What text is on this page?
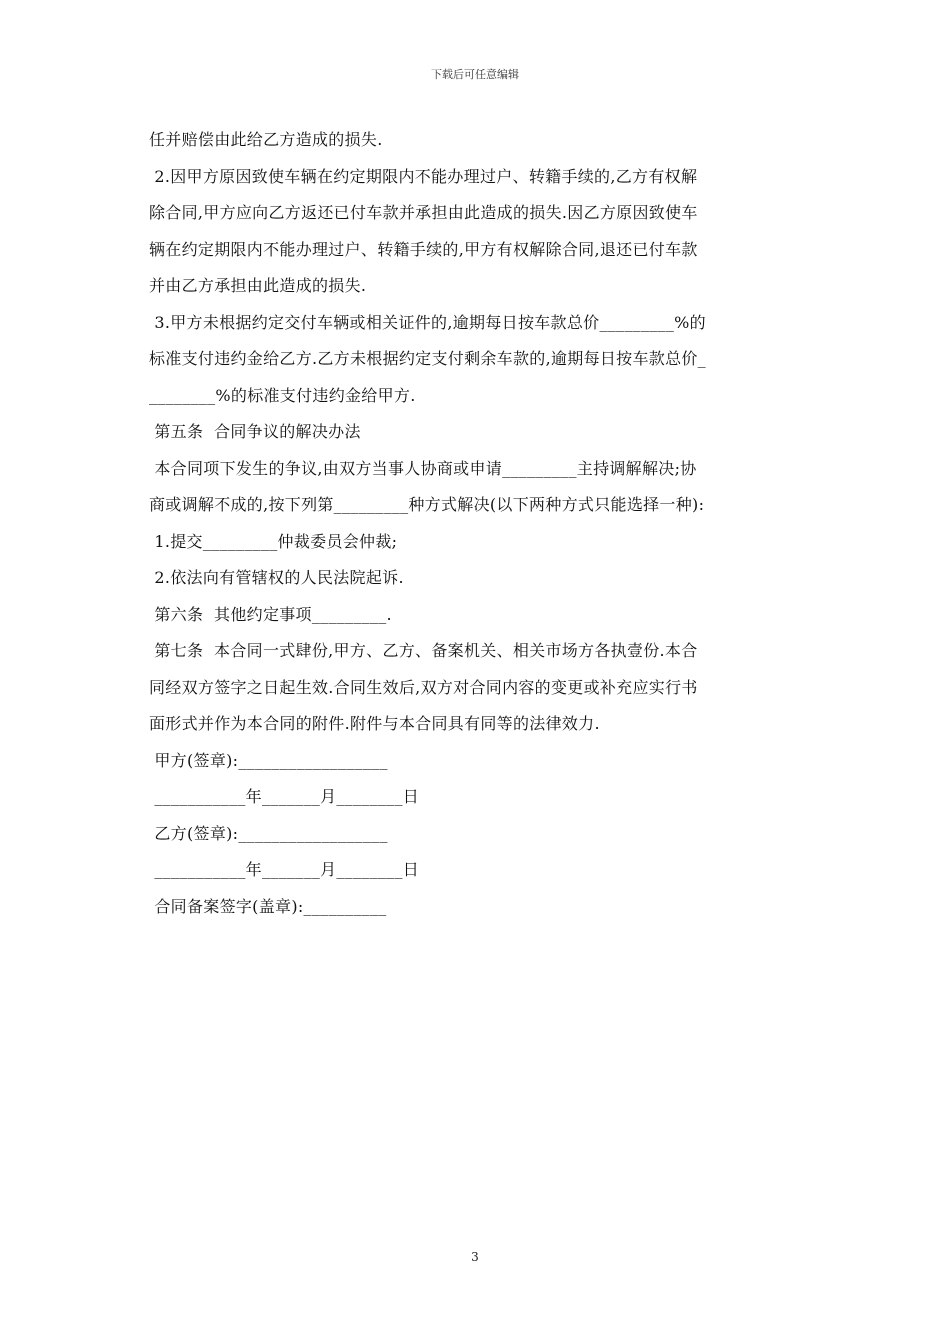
下载后可任意编辑
任并赔偿由此给乙方造成的损失.
2.因甲方原因致使车辆在约定期限内不能办理过户、转籍手续的,乙方有权解
除合同,甲方应向乙方返还已付车款并承担由此造成的损失.因乙方原因致使车
辆在约定期限内不能办理过户、转籍手续的,甲方有权解除合同,退还已付车款
并由乙方承担由此造成的损失.
3.甲方未根据约定交付车辆或相关证件的,逾期每日按车款总价_________%的
标准支付违约金给乙方.乙方未根据约定支付剩余车款的,逾期每日按车款总价_
________%的标准支付违约金给甲方.
第五条  合同争议的解决办法
本合同项下发生的争议,由双方当事人协商或申请_________主持调解解决;协
商或调解不成的,按下列第_________种方式解决(以下两种方式只能选择一种):
1.提交_________仲裁委员会仲裁;
2.依法向有管辖权的人民法院起诉.
第六条  其他约定事项_________.
第七条  本合同一式肆份,甲方、乙方、备案机关、相关市场方各执壹份.本合
同经双方签字之日起生效.合同生效后,双方对合同内容的变更或补充应实行书
面形式并作为本合同的附件.附件与本合同具有同等的法律效力.
甲方(签章):__________________
___________年_______月________日
乙方(签章):__________________
___________年_______月________日
合同备案签字(盖章):__________
3
